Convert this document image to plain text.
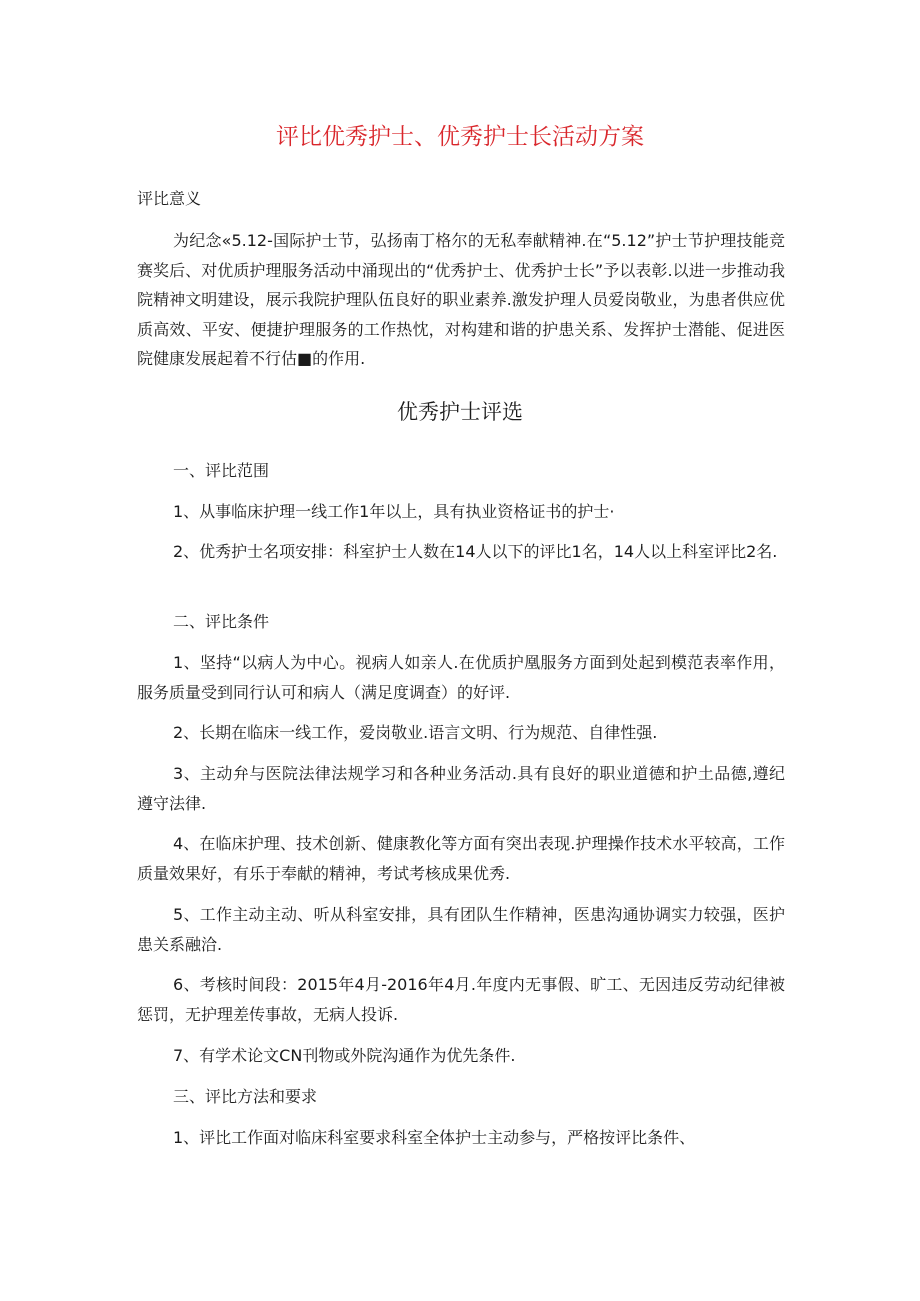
评比优秀护士、优秀护士长活动方案
评比意义

为纪念«5.12-国际护士节，弘扬南丁格尔的无私奉献精神.在“5.12”护士节护理技能竞赛奖后、对优质护理服务活动中涌现出的“优秀护士、优秀护士长”予以表彰.以进一步推动我院精神文明建设，展示我院护理队伍良好的职业素养.激发护理人员爱岗敬业，为患者供应优质高效、平安、便捷护理服务的工作热忱，对构建和谐的护患关系、发挥护士潜能、促进医院健康发展起着不行估■的作用.

优秀护士评选

一、评比范围

1、从事临床护理一线工作1年以上，具有执业资格证书的护士·

2、优秀护士名项安排：科室护士人数在14人以下的评比1名，14人以上科室评比2名.

二、评比条件

1、坚持“以病人为中心。视病人如亲人.在优质护凰服务方面到处起到模范表率作用，服务质量受到同行认可和病人（满足度调查）的好评.

2、长期在临床一线工作，爱岗敬业.语言文明、行为规范、自律性强.

3、主动弁与医院法律法规学习和各种业务活动.具有良好的职业道德和护土品德,遵纪遵守法律.

4、在临床护理、技术创新、健康教化等方面有突出表现.护理操作技术水平较高，工作质量效果好，有乐于奉献的精神，考试考核成果优秀.

5、工作主动主动、听从科室安排，具有团队生作精神，医患沟通协调实力较强，医护患关系融洽.

6、考核时间段：2015年4月-2016年4月.年度内无事假、旷工、无因违反劳动纪律被惩罚，无护理差传事故，无病人投诉.

7、有学术论文CN刊物或外院沟通作为优先条件.

三、评比方法和要求

1、评比工作面对临床科室要求科室全体护士主动参与，严格按评比条件、
